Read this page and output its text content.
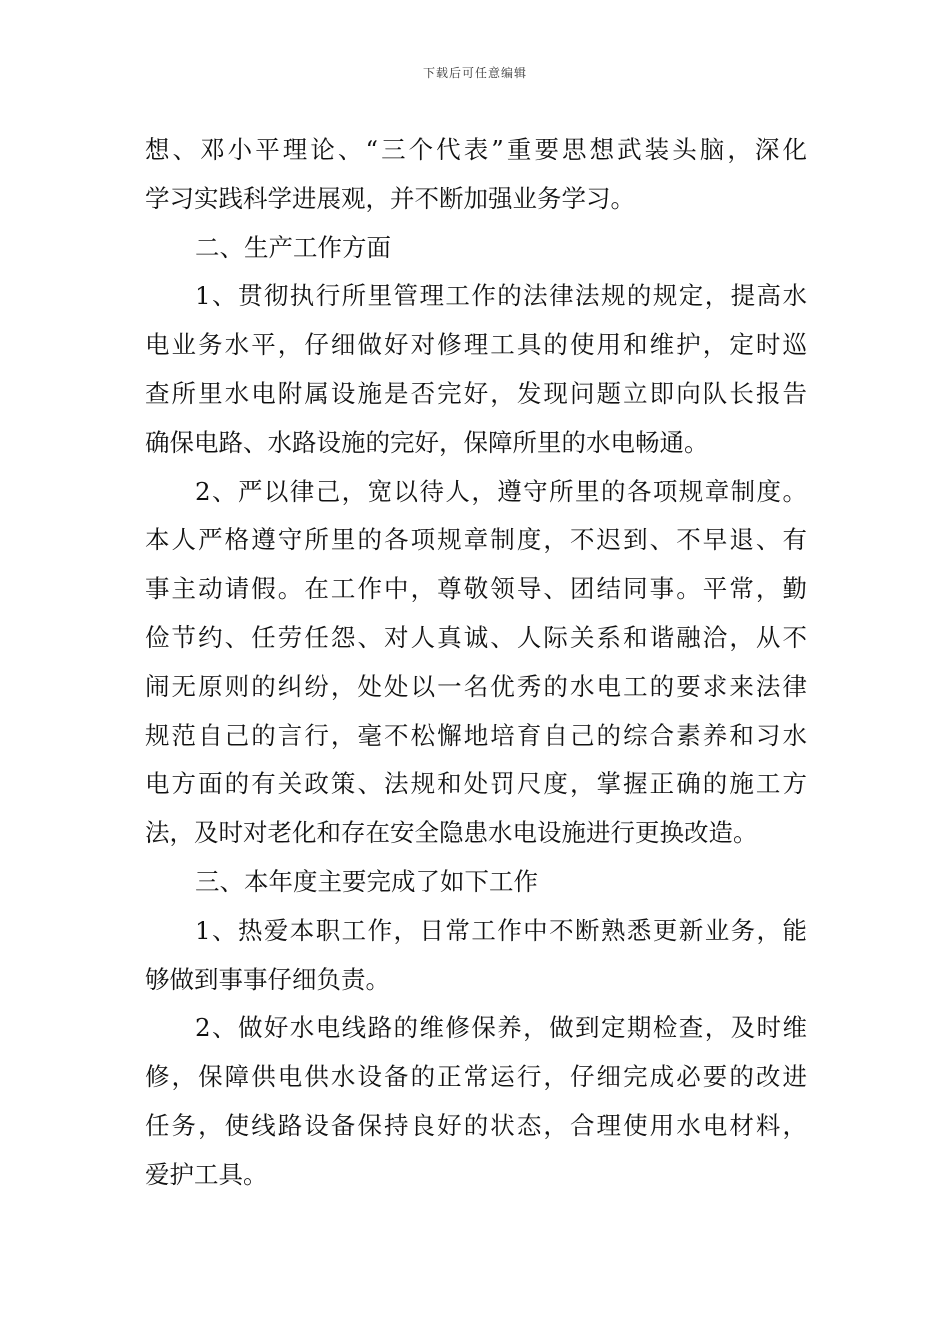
下载后可任意编辑
想、邓小平理论、“三个代表”重要思想武装头脑，深化
学习实践科学进展观，并不断加强业务学习。
二、生产工作方面
1、贯彻执行所里管理工作的法律法规的规定，提高水
电业务水平，仔细做好对修理工具的使用和维护，定时巡
查所里水电附属设施是否完好，发现问题立即向队长报告
确保电路、水路设施的完好，保障所里的水电畅通。
2、严以律己，宽以待人，遵守所里的各项规章制度。
本人严格遵守所里的各项规章制度，不迟到、不早退、有
事主动请假。在工作中，尊敬领导、团结同事。平常，勤
俭节约、任劳任怨、对人真诚、人际关系和谐融洽，从不
闹无原则的纠纷，处处以一名优秀的水电工的要求来法律
规范自己的言行，毫不松懈地培育自己的综合素养和习水
电方面的有关政策、法规和处罚尺度，掌握正确的施工方
法，及时对老化和存在安全隐患水电设施进行更换改造。
三、本年度主要完成了如下工作
1、热爱本职工作，日常工作中不断熟悉更新业务，能
够做到事事仔细负责。
2、做好水电线路的维修保养，做到定期检查，及时维
修，保障供电供水设备的正常运行，仔细完成必要的改进
任务，使线路设备保持良好的状态，合理使用水电材料，
爱护工具。
